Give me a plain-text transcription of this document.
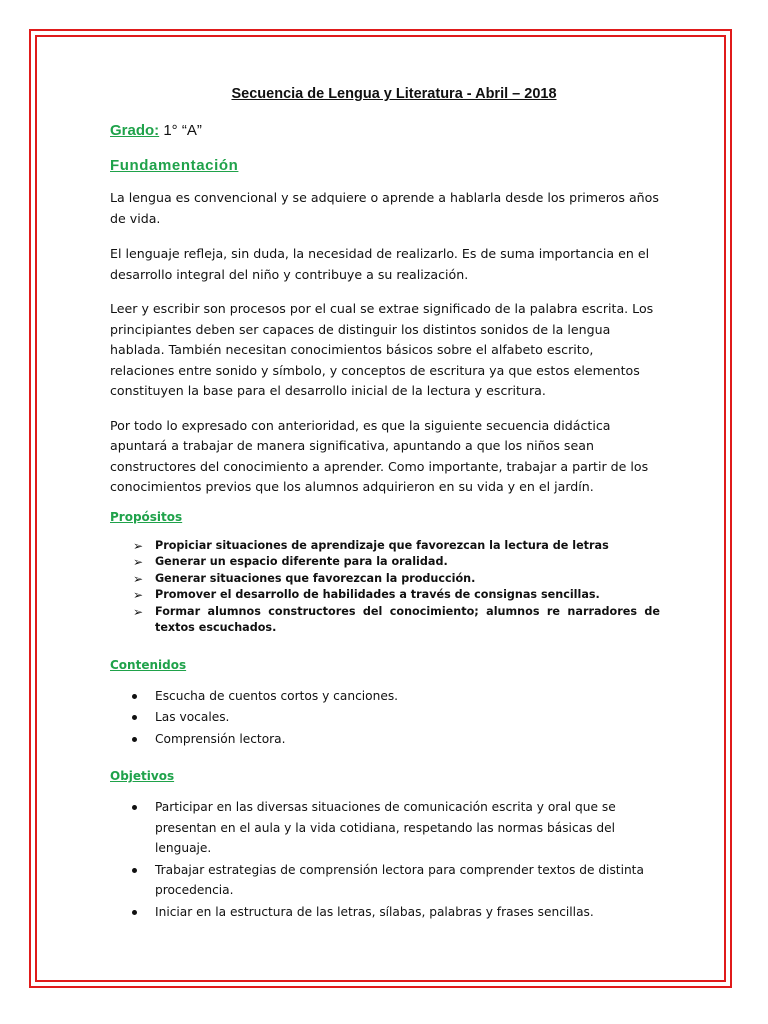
Secuencia de Lengua y Literatura - Abril – 2018
Grado: 1° “A”
Fundamentación

La lengua es convencional y se adquiere o aprende a hablarla desde los primeros años de vida.

El lenguaje refleja, sin duda, la necesidad de realizarlo. Es de suma importancia en el desarrollo integral del niño y contribuye a su realización.

Leer y escribir son procesos por el cual se extrae significado de la palabra escrita. Los principiantes deben ser capaces de distinguir los distintos sonidos de la lengua hablada. También necesitan conocimientos básicos sobre el alfabeto escrito, relaciones entre sonido y símbolo, y conceptos de escritura ya que estos elementos constituyen la base para el desarrollo inicial de la lectura y escritura.

Por todo lo expresado con anterioridad, es que la siguiente secuencia didáctica apuntará a trabajar de manera significativa, apuntando a que los niños sean constructores del conocimiento a aprender. Como importante, trabajar a partir de los conocimientos previos que los alumnos adquirieron en su vida y en el jardín.

Propósitos
➢ Propiciar situaciones de aprendizaje que favorezcan la lectura de letras
➢ Generar un espacio diferente para la oralidad.
➢ Generar situaciones que favorezcan la producción.
➢ Promover el desarrollo de habilidades a través de consignas sencillas.
➢ Formar alumnos constructores del conocimiento; alumnos re narradores de textos escuchados.
Contenidos
Escucha de cuentos cortos y canciones.
Las vocales.
Comprensión lectora.
Objetivos
Participar en las diversas situaciones de comunicación escrita y oral que se presentan en el aula y la vida cotidiana, respetando las normas básicas del lenguaje.
Trabajar estrategias de comprensión lectora para comprender textos de distinta procedencia.
Iniciar en la estructura de las letras, sílabas, palabras y frases sencillas.
